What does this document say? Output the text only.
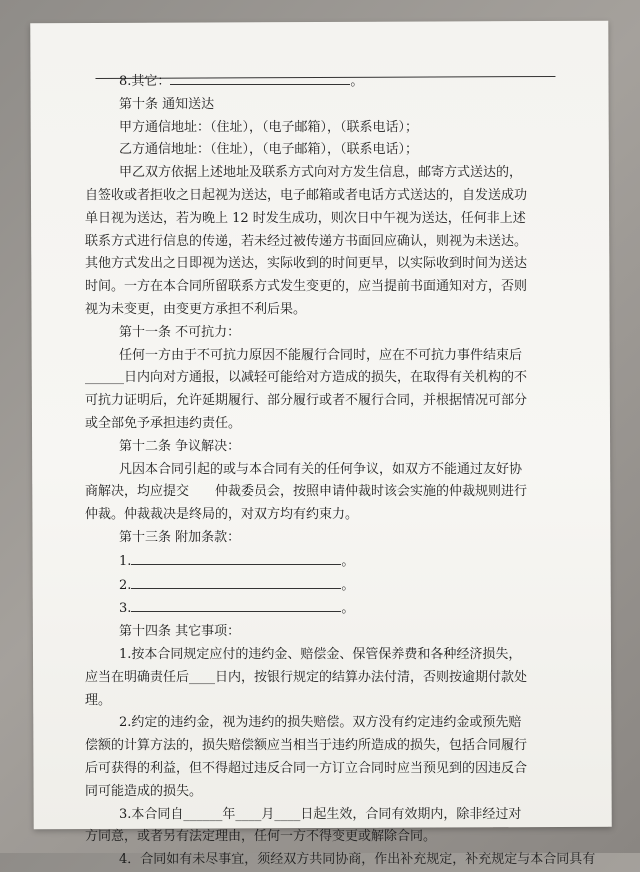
8.其它：	。

第十条 通知送达

甲方通信地址：（住址），（电子邮箱），（联系电话）；

乙方通信地址：（住址），（电子邮箱），（联系电话）；

甲乙双方依据上述地址及联系方式向对方发生信息，邮寄方式送达的，自签收或者拒收之日起视为送达，电子邮箱或者电话方式送达的，自发送成功单日视为送达，若为晚上 12 时发生成功，则次日中午视为送达，任何非上述联系方式进行信息的传递，若未经过被传递方书面回应确认，则视为未送达。其他方式发出之日即视为送达，实际收到的时间更早，以实际收到时间为送达时间。一方在本合同所留联系方式发生变更的，应当提前书面通知对方，否则视为未变更，由变更方承担不利后果。

第十一条 不可抗力：

任何一方由于不可抗力原因不能履行合同时，应在不可抗力事件结束后______日内向对方通报，以减轻可能给对方造成的损失，在取得有关机构的不可抗力证明后，允许延期履行、部分履行或者不履行合同，并根据情况可部分或全部免予承担违约责任。

第十二条 争议解决：

凡因本合同引起的或与本合同有关的任何争议，如双方不能通过友好协商解决，均应提交　　仲裁委员会，按照申请仲裁时该会实施的仲裁规则进行仲裁。仲裁裁决是终局的，对双方均有约束力。

第十三条 附加条款：

1.	。

2.	。

3.	。

第十四条 其它事项：

1.按本合同规定应付的违约金、赔偿金、保管保养费和各种经济损失，应当在明确责任后____日内，按银行规定的结算办法付清，否则按逾期付款处理。

2.约定的违约金，视为违约的损失赔偿。双方没有约定违约金或预先赔偿额的计算方法的，损失赔偿额应当相当于违约所造成的损失，包括合同履行后可获得的利益，但不得超过违反合同一方订立合同时应当预见到的因违反合同可能造成的损失。

3.本合同自______年____月____日起生效，合同有效期内，除非经过对方同意，或者另有法定理由，任何一方不得变更或解除合同。

4．合同如有未尽事宜，须经双方共同协商，作出补充规定，补充规定与本合同具有
